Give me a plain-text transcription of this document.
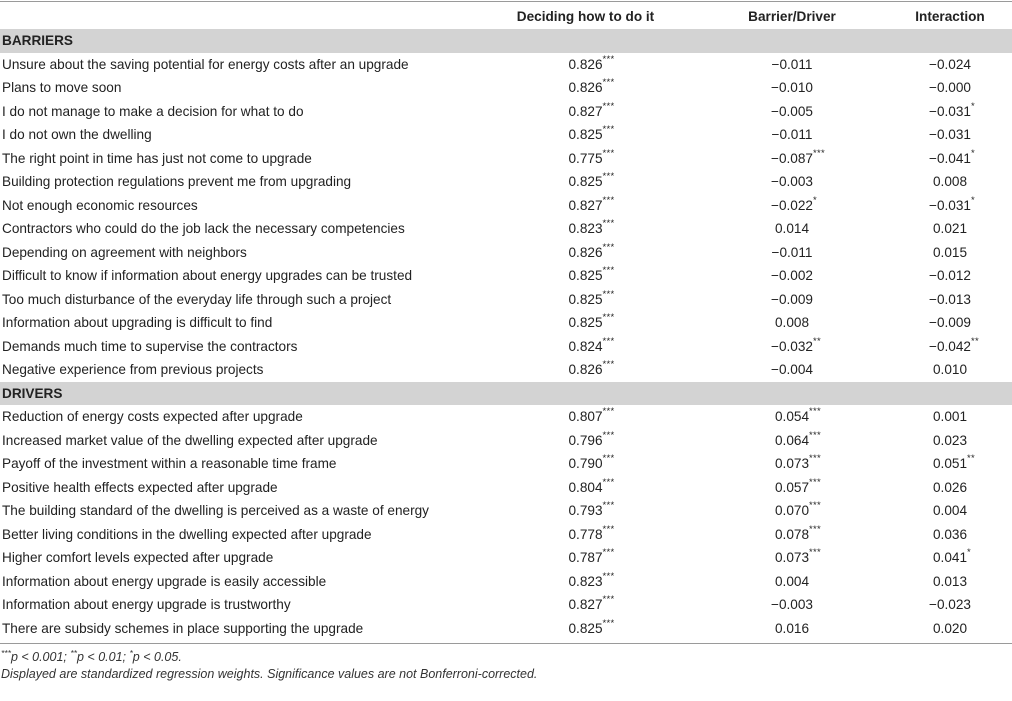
Deciding how to do it	Barrier/Driver	Interaction
BARRIERS
Unsure about the saving potential for energy costs after an upgrade	0.826 ***	−0.011	−0.024
Plans to move soon	0.826 ***	−0.010	−0.000
I do not manage to make a decision for what to do	0.827 ***	−0.005	−0.031 *
I do not own the dwelling	0.825 ***	−0.011	−0.031
The right point in time has just not come to upgrade	0.775 ***	−0.087 ***	−0.041 *
Building protection regulations prevent me from upgrading	0.825 ***	−0.003	0.008
Not enough economic resources	0.827 ***	−0.022 *	−0.031 *
Contractors who could do the job lack the necessary competencies	0.823 ***	0.014	0.021
Depending on agreement with neighbors	0.826 ***	−0.011	0.015
Difficult to know if information about energy upgrades can be trusted	0.825 ***	−0.002	−0.012
Too much disturbance of the everyday life through such a project	0.825 ***	−0.009	−0.013
Information about upgrading is difficult to find	0.825 ***	0.008	−0.009
Demands much time to supervise the contractors	0.824 ***	−0.032 **	−0.042 **
Negative experience from previous projects	0.826 ***	−0.004	0.010
DRIVERS
Reduction of energy costs expected after upgrade	0.807 ***	0.054 ***	0.001
Increased market value of the dwelling expected after upgrade	0.796 ***	0.064 ***	0.023
Payoff of the investment within a reasonable time frame	0.790 ***	0.073 ***	0.051 **
Positive health effects expected after upgrade	0.804 ***	0.057 ***	0.026
The building standard of the dwelling is perceived as a waste of energy	0.793 ***	0.070 ***	0.004
Better living conditions in the dwelling expected after upgrade	0.778 ***	0.078 ***	0.036
Higher comfort levels expected after upgrade	0.787 ***	0.073 ***	0.041 *
Information about energy upgrade is easily accessible	0.823 ***	0.004	0.013
Information about energy upgrade is trustworthy	0.827 ***	−0.003	−0.023
There are subsidy schemes in place supporting the upgrade	0.825 ***	0.016	0.020
***p < 0.001; **p < 0.01; *p < 0.05.
Displayed are standardized regression weights. Significance values are not Bonferroni-corrected.
